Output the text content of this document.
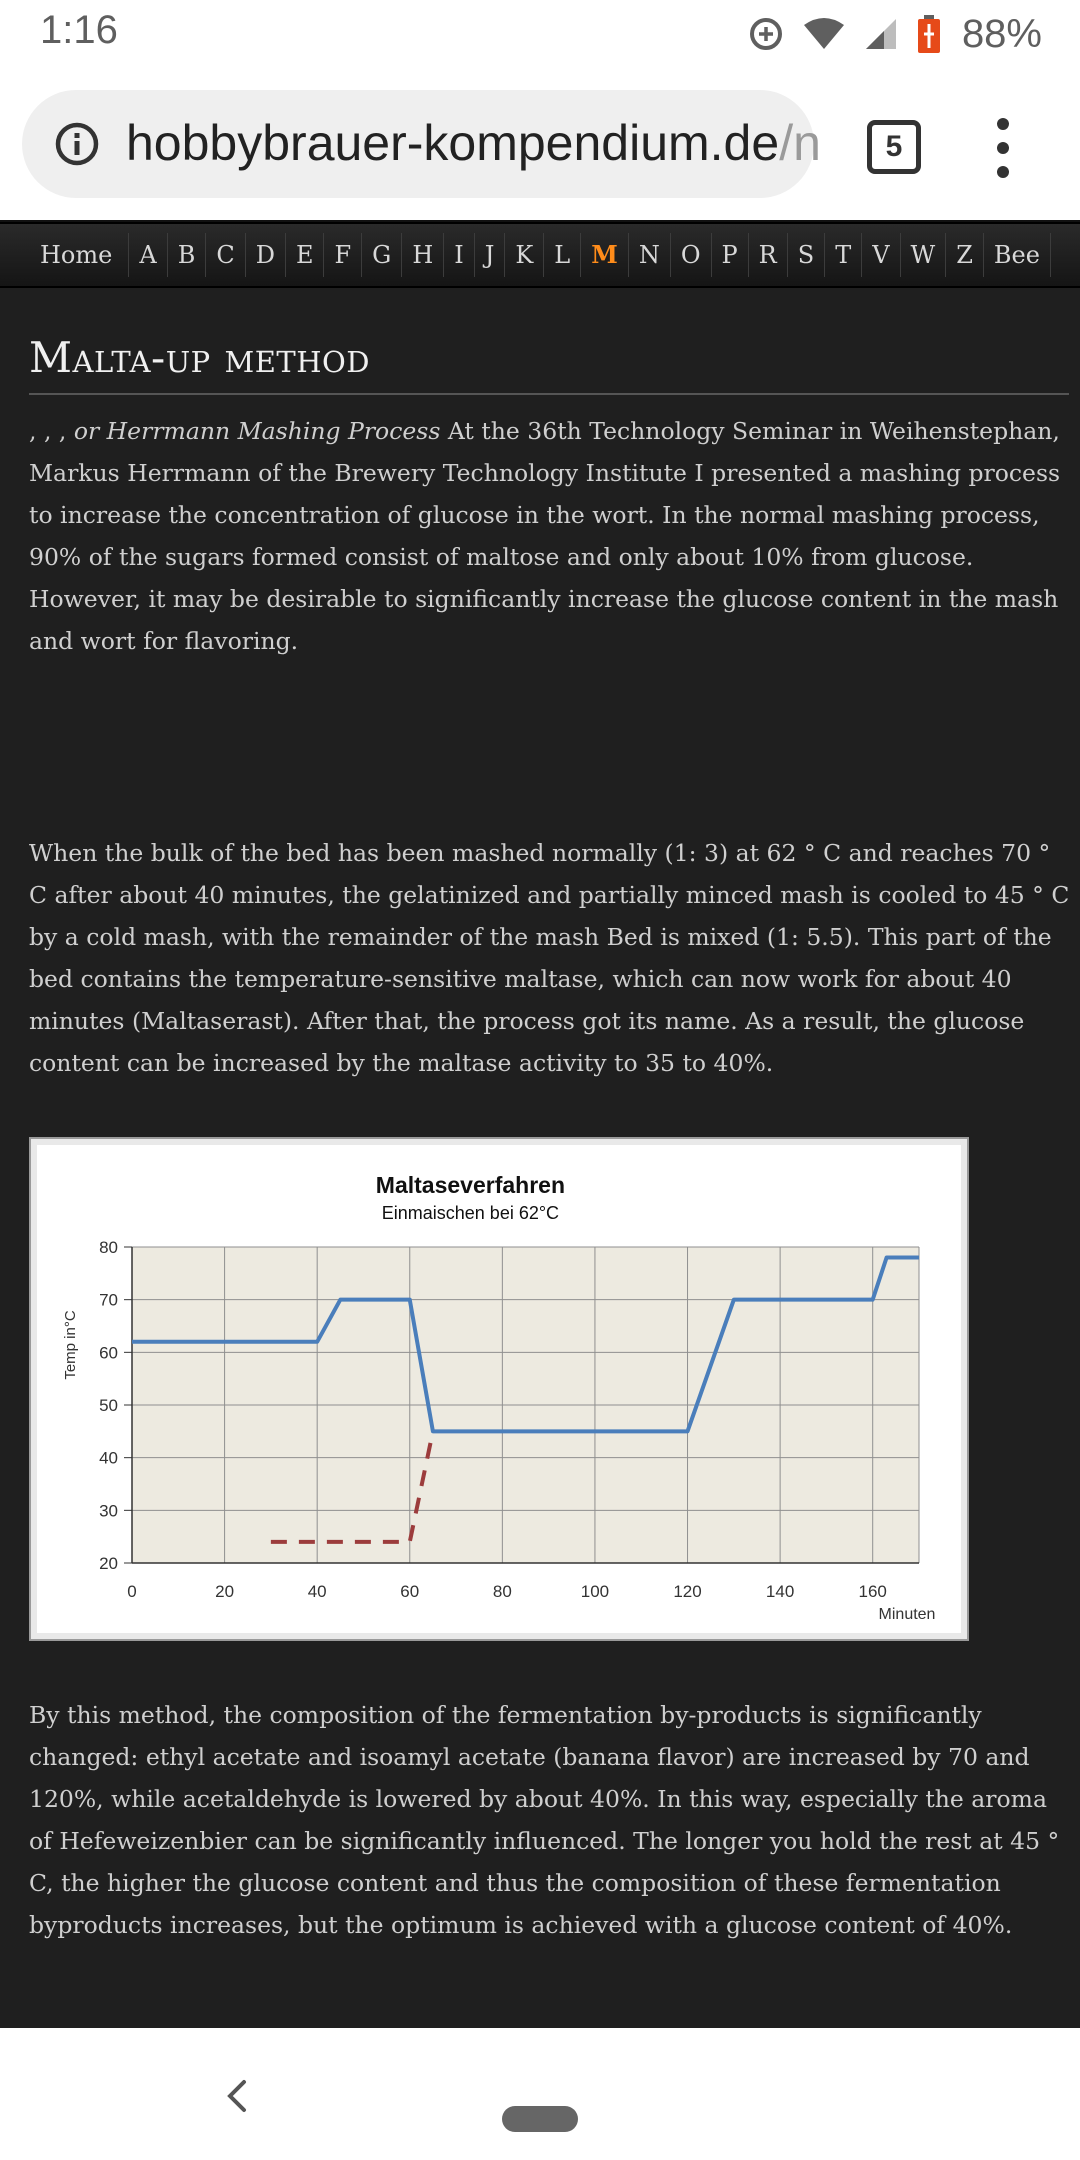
1:16	88%
hobbybrauer-kompendium.de/n	5
Home	A B C D E F G H I J K L M N O P R S T V W Z Bee
Malta-up method

, , , or Herrmann Mashing Process At the 36th Technology Seminar in Weihenstephan, Markus Herrmann of the Brewery Technology Institute I presented a mashing process to increase the concentration of glucose in the wort. In the normal mashing process, 90% of the sugars formed consist of maltose and only about 10% from glucose. However, it may be desirable to significantly increase the glucose content in the mash and wort for flavoring.

When the bulk of the bed has been mashed normally (1: 3) at 62 ° C and reaches 70 ° C after about 40 minutes, the gelatinized and partially minced mash is cooled to 45 ° C by a cold mash, with the remainder of the mash Bed is mixed (1: 5.5). This part of the bed contains the temperature-sensitive maltase, which can now work for about 40 minutes (Maltaserast). After that, the process got its name. As a result, the glucose content can be increased by the maltase activity to 35 to 40%.

0	20	40	60	80	100	120	140	160
20
30
40
50
60
70
80
Maltaseverfahren
Einmaischen bei 62°C
Minuten
Temp in°C

By this method, the composition of the fermentation by-products is significantly changed: ethyl acetate and isoamyl acetate (banana flavor) are increased by 70 and 120%, while acetaldehyde is lowered by about 40%. In this way, especially the aroma of Hefeweizenbier can be significantly influenced. The longer you hold the rest at 45 ° C, the higher the glucose content and thus the composition of these fermentation byproducts increases, but the optimum is achieved with a glucose content of 40%.
